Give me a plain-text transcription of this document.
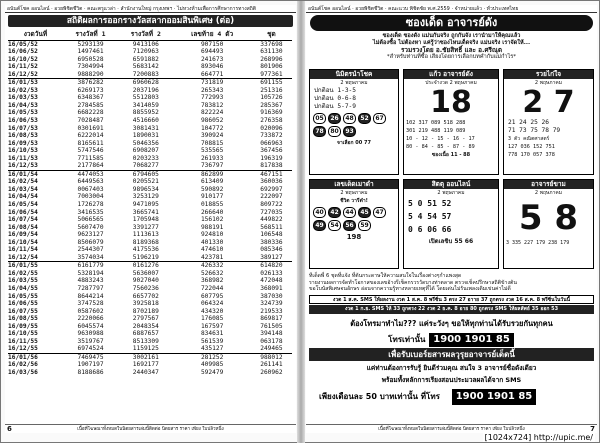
อนันต์โชค ออนไลน์ · อวยพิชิตชีวิต · คณะตรูแวล่า · สำนักงานใหญ่ กรุงเทพฯ · ไม่หวงห้ามเพื่อการศึกษาการทางสถิติ
สถิติผลการออกรางวัลสลากออมสินพิเศษ (ต่อ)
งวดวันที่	รางวัลที่ 1	รางวัลที่ 2	เลขท้าย 4 ตัว	ชุด
16/05/52	5293139	9413106	907150	337698
16/06/52	1497461	7120963	694493	631130
16/10/52	6950528	6591882	241673	268996
16/11/52	7304994	5683142	893046	801906
16/12/52	9888290	7200883	664771	977361
16/01/53	3876282	6960628	731819	691155
16/02/53	6269173	2037196	265343	251316
16/03/53	6348367	5512803	772993	105726
16/04/53	2784585	3414059	783812	285367
16/05/53	6682228	8855952	822224	916369
16/06/53	7028487	4516660	986052	276358
16/07/53	0301691	3081431	104772	020096
16/08/53	6222014	1890031	390924	733872
16/09/53	8165611	5046356	708815	066963
16/10/53	5747546	6908207	535565	367456
16/11/53	7711585	0203233	261933	196319
16/12/53	2177864	7068277	736797	817838
16/01/54	4474053	6794605	862899	467151
16/02/54	6449563	0205521	613409	360036
16/03/54	0067403	9896534	590892	692997
16/04/54	7003004	3253129	910177	222097
16/05/54	1726278	9471095	018855	809722
16/06/54	3416535	3665741	266640	727035
16/07/54	5066565	1705948	156102	449822
16/08/54	5607470	3391277	988191	568511
16/09/54	9623127	1113613	924810	106548
16/10/54	8506079	8189368	401330	380336
16/11/54	2544307	4175536	474610	085346
16/12/54	3574034	5196219	423781	389127
16/01/55	6161779	0161276	426332	614820
16/02/55	5328194	5636007	526632	026133
16/03/55	4883243	9027040	368982	472048
16/04/55	7287797	7560236	722044	368091
16/05/55	8644214	6657702	607795	387030
16/06/55	3747528	3925818	064324	324739
16/07/55	0587602	8702189	434320	219533
16/08/55	2220066	2797567	176085	869817
16/09/55	6045574	2048354	167597	761505
16/10/55	9630988	6887657	834631	394148
16/11/55	3519767	8513309	561539	063178
16/12/55	6974524	1159125	435127	249465
16/01/56	7469475	3002161	281252	988012
16/02/56	1907197	1692177	409985	261141
16/03/56	8188686	2440347	592479	260962
เนื้อที่โฆษณาทั้งหมดในนิตยสารเล่มนี้ติดต่อ นิตยสาร ราคา เพียง ใบปลิวหนึ่ง
6
อนันต์โชค ออนไลน์ · อวยพิชิตชีวิต · คณะแวบ พิชิตชัย พ.ศ.2559 · จำหน่ายแล้ว · ทั่วประเทศไทย
ซองเด็ด อาจารย์ดัง
ซองเด็ด ซองดัง แม่นกันจริง ถูกกันจัง เรานำมาให้คุณแล้ว
ไม่ต้องซื้อ ไม่ต้องหา แค่รู้ว่าซองไหนเด็ดจริง แม่นจริง เราจัดให้...
รวมรวงโดย อ.ชัยสิทธิ์ และ อ.ศรีณุต
*สำหรับท่านที่ซื้อ เสียงโดยการเลือกบทคำกับแม่กำไร*
นิมิตรนำโชค
2 พฤษภาคม
ปกติอน 1-3-5
ปกติอน 0-6-8
ปกติอน 5-7-9
05	26	48	52	67
78	80	93
จาเลือก 00 77
แก้ว อาจารย์ดัง
ประจำงวด 2 พฤษภาคม
18
102 317 089 518 288
301 219 488 119 089
10 - 12 - 15 - 16 - 17
80 - 84 - 85 - 87 - 89
ซองเนื้อ 11 - 88
รวยไก่ใจ
2 พฤษภาคม
2 7
21 24 25 26
71 73 75 78 79
3 ตัว คณิตศาสตร์
127 036 152 751
778 170 057 378
เลขเด็ดเมาดำ
2 พฤษภาคม
ชีวิต วารีตำ!
40	42	44	45	47
49	54	56	59
198
สิตตุ ออนไลน์
2 พฤษภาคม
5 0 51 52
5 4 54 57
0 6 06 66
เปิดเลขิบ 55 66
อาจารย์ขาม
2 พฤษภาคม
5 8
3 335 227 179 238 179
ทีเด็ดพี่ 6 ชุดที่แจ้ง ที่ต้นกระดาษให้ความสนใจในเรื่องต่างๆกำแพงสุด
รายงานผลการจัดทำโอกาสของเลขอ้างรีเช็คกรวรวัดบางท่าตลาด ตรวจเช็คปรึกษาสถิติข้างต้น
ขอโบนัสพิเศษจนอักษร อ่อนจากความรู้ทางหลายเหตุที่ได้ โดยเด่นไม่รันเพลงเดิมเข่นค่าไม่ดี
งวด 1 ส.ค. SMS ให้ผลงาน งวด 1 ส.ค. 8 พรีซิ่น 3 ตรง 27 อาาย 37 ถูกตรง งวด 16 ส.ค. 8 พรีซิ่นในวันนี้
งวด 1 ก.ย. SMS ให้ 33 ถูกตรง 22 งวด 2 ธ.ค. 8 อาย 80 ถูกตรง SMS ให้ผลลัพธ์ 35 ออก 53
ต้องโทรมาทำไม??? แค่ระวังๆ ขอให้ทุกท่านได้รับรวยกันทุกคน
โทรเท่านั้น 1900 1901 85
เพื่อรับเบอร์ยสารผลวุรุยอาจารย์เด็ดนี้
แค่ท่านต้องการรับรู้ ยินดีร่วมคุณ สนใจ 3 อาจารย์ชื่อดังเดียว
พร้อมทั้งหลักการเรียงสอนประมวลผลได้จาก SMS
เพียงเดือนละ 50 บาทเท่านั้น ที่โทร 1900 1901 85
เนื้อที่โฆษณาทั้งหมดในนิตยสารเล่มนี้ติดต่อ นิตยสาร ราคา เพียง ใบปลิวหนึ่ง	7
[1024x724] http://upic.me/
